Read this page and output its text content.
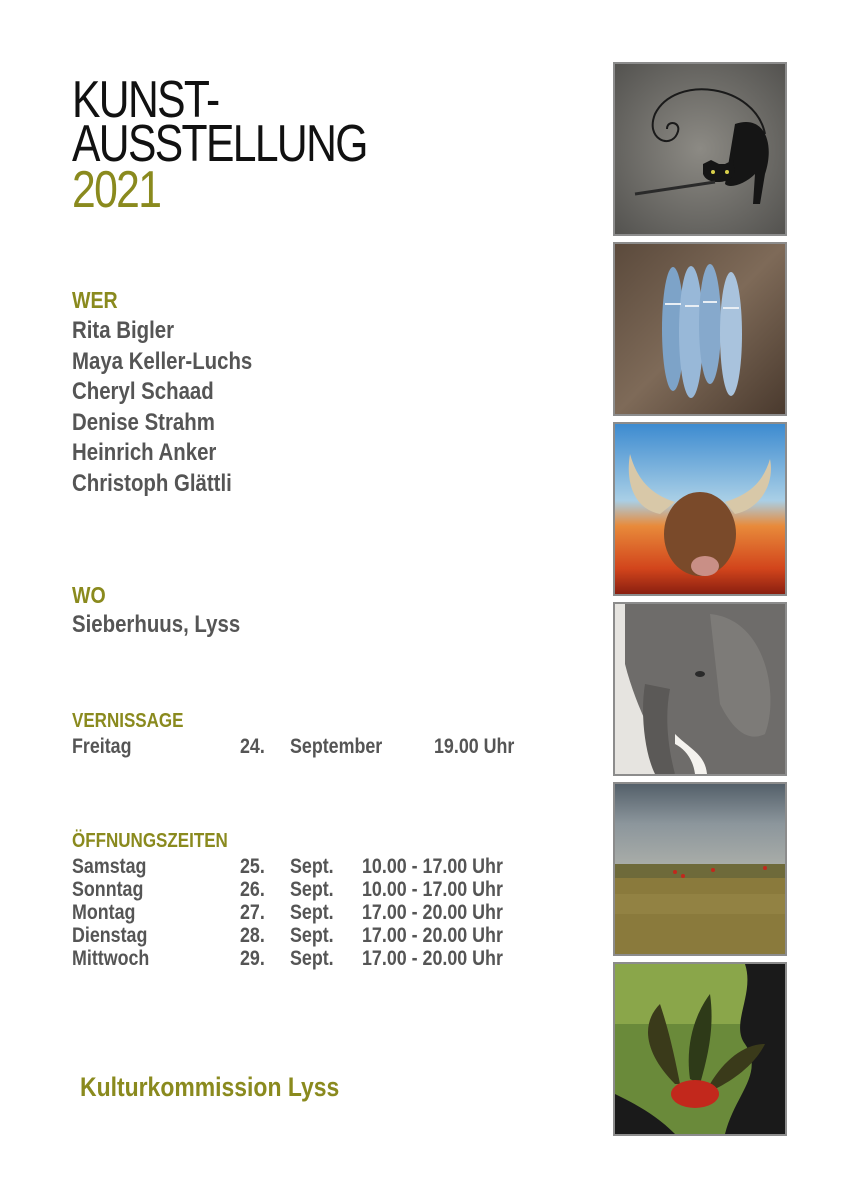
KUNST-
AUSSTELLUNG
2021
WER
Rita Bigler
Maya Keller-Luchs
Cheryl Schaad
Denise Strahm
Heinrich Anker
Christoph Glättli
WO
Sieberhuus, Lyss
VERNISSAGE
Freitag	24. September 19.00 Uhr
ÖFFNUNGSZEITEN
Samstag	25. Sept. 10.00 - 17.00 Uhr
Sonntag	26. Sept. 10.00 - 17.00 Uhr
Montag	27. Sept. 17.00 - 20.00 Uhr
Dienstag	28. Sept. 17.00 - 20.00 Uhr
Mittwoch	29. Sept. 17.00 - 20.00 Uhr
Kulturkommission Lyss
